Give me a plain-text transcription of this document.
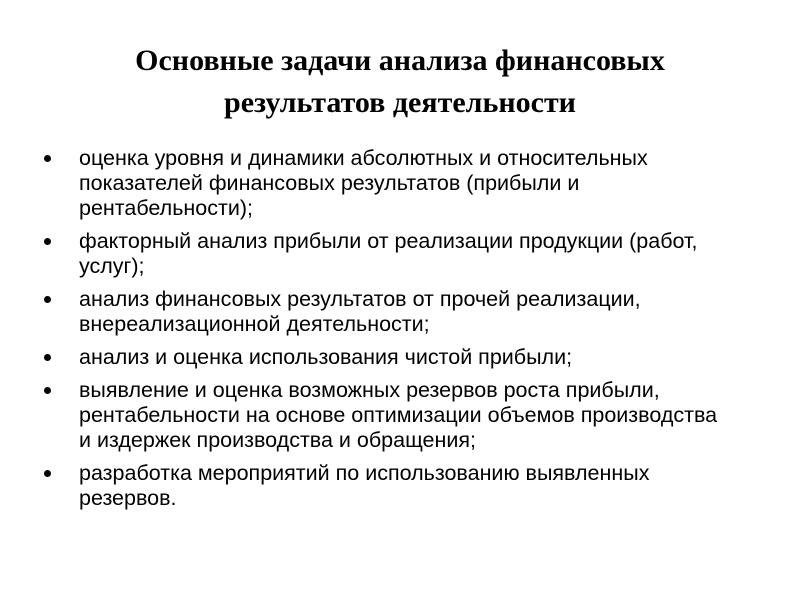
Основные задачи анализа финансовых
результатов деятельности
оценка уровня и динамики абсолютных и относительных показателей финансовых результатов (прибыли и рентабельности);
факторный анализ прибыли от реализации продукции (работ, услуг);
анализ финансовых результатов от прочей реализации, внереализационной деятельности;
анализ и оценка использования чистой прибыли;
выявление и оценка возможных резервов роста прибыли, рентабельности на основе оптимизации объемов производства и издержек производства и обращения;
разработка мероприятий по использованию выявленных резервов.
